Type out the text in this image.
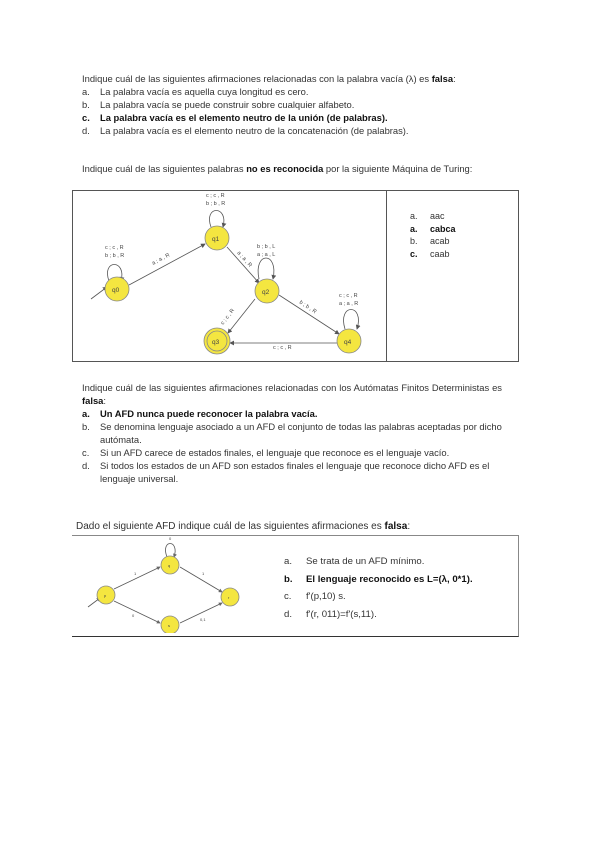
Indique cuál de las siguientes afirmaciones relacionadas con la palabra vacía (λ) es falsa:

a. La palabra vacía es aquella cuya longitud es cero.
b. La palabra vacía se puede construir sobre cualquier alfabeto.
c. La palabra vacía es el elemento neutro de la unión (de palabras).
d. La palabra vacía es el elemento neutro de la concatenación (de palabras).

Indique cuál de las siguientes palabras no es reconocida por la siguiente Máquina de Turing:

q0
q1
q2
q3	q4
c ; c , R
b ; b , R
c ; c , R
b ; b , R	a ; a , R	a ; a , R
b ; b , L
a ; a , L
b ; b , R
c ; c , R
a ; a , R
c ; c , R
c ; c , R
a. aac
a. cabca
b. acab
c. caab

Indique cuál de las siguientes afirmaciones relacionadas con los Autómatas Finitos Deterministas es falsa:

a. Un AFD nunca puede reconocer la palabra vacía.
b. Se denomina lenguaje asociado a un AFD el conjunto de todas las palabras aceptadas por dicho autómata.
c. Si un AFD carece de estados finales, el lenguaje que reconoce es el lenguaje vacío.
d. Si todos los estados de un AFD son estados finales el lenguaje que reconoce dicho AFD es el lenguaje universal.

Dado el siguiente AFD indique cuál de las siguientes afirmaciones es falsa:

p
q
r
s
0
1
0
1
0,1
a. Se trata de un AFD mínimo.
b. El lenguaje reconocido es L=(λ, 0*1).
c. f'(p,10) s.
d. f'(r, 011)=f'(s,11).
